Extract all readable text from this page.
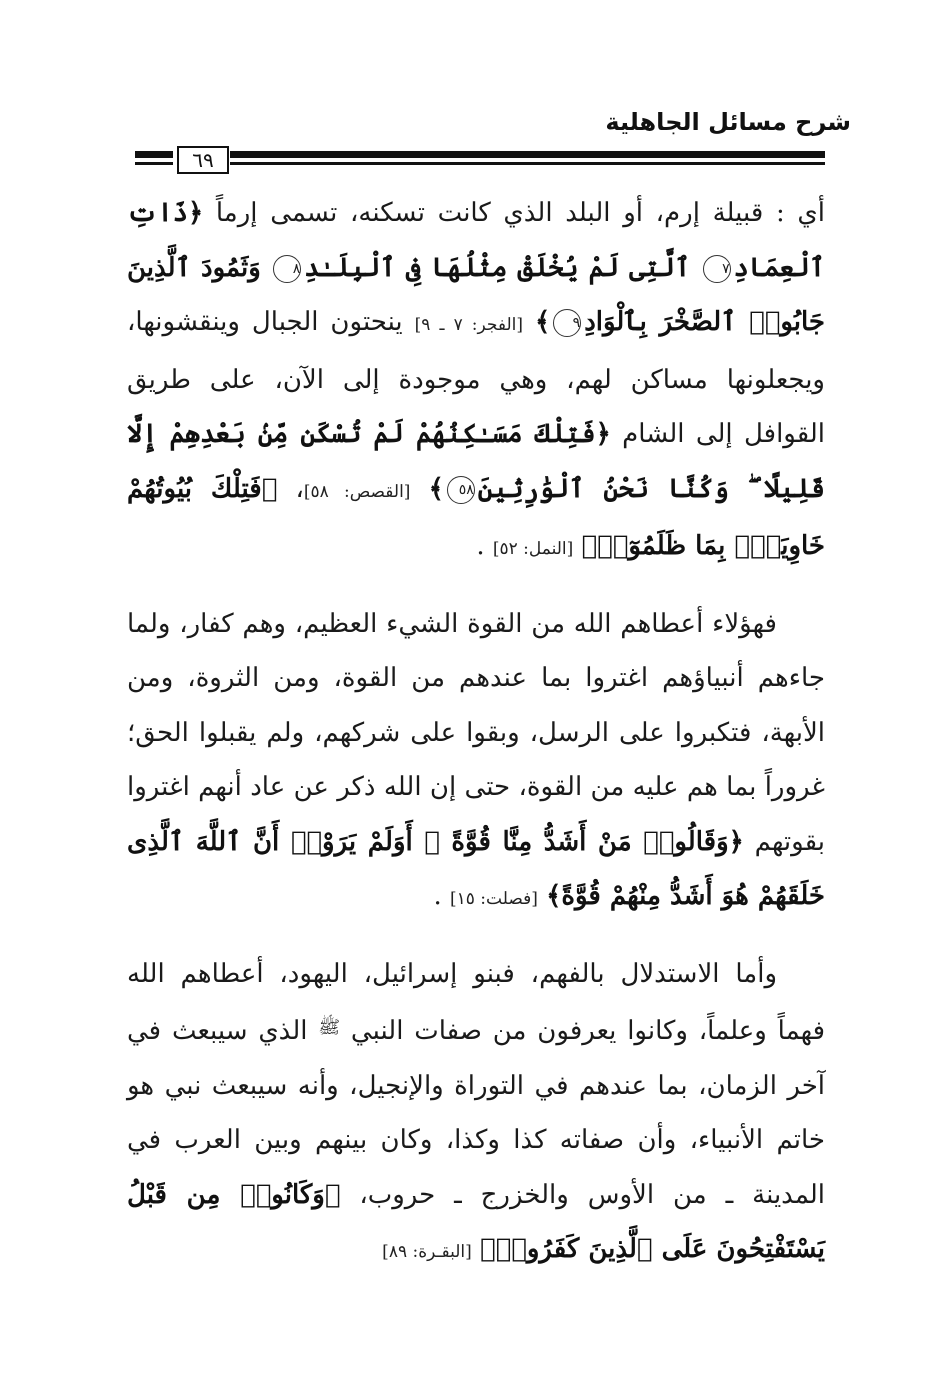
شرح مسائل الجاهلية
٦٩

أي : قبيلة إرم، أو البلد الذي كانت تسكنه، تسمى إرماً ﴿ذَاتِ ٱلْعِمَادِ٧ ٱلَّتِى لَمْ يُخْلَقْ مِثْلُهَا فِى ٱلْبِلَـٰدِ٨ وَثَمُودَ ٱلَّذِينَ جَابُوا۟ ٱلصَّخْرَ بِٱلْوَادِ٩﴾ [الفجر: ٧ ـ ٩] ينحتون الجبال وينقشونها، ويجعلونها مساكن لهم، وهي موجودة إلى الآن، على طريق القوافل إلى الشام ﴿فَتِلْكَ مَسَـٰكِنُهُمْ لَمْ تُسْكَن مِّنۢ بَعْدِهِمْ إِلَّا قَلِيلًا ۖ وَكُنَّا نَحْنُ ٱلْوَٰرِثِينَ٥٨﴾ [القصص: ٥٨]، ﴿فَتِلْكَ بُيُوتُهُمْ خَاوِيَةًۢ بِمَا ظَلَمُوٓا۟﴾ [النمل: ٥٢] .

فهؤلاء أعطاهم الله من القوة الشيء العظيم، وهم كفار، ولما جاءهم أنبياؤهم اغتروا بما عندهم من القوة، ومن الثروة، ومن الأبهة، فتكبروا على الرسل، وبقوا على شركهم، ولم يقبلوا الحق؛ غروراً بما هم عليه من القوة، حتى إن الله ذكر عن عاد أنهم اغتروا بقوتهم ﴿وَقَالُوا۟ مَنْ أَشَدُّ مِنَّا قُوَّةً ۖ أَوَلَمْ يَرَوْا۟ أَنَّ ٱللَّهَ ٱلَّذِى خَلَقَهُمْ هُوَ أَشَدُّ مِنْهُمْ قُوَّةً﴾ [فصلت: ١٥] .

وأما الاستدلال بالفهم، فبنو إسرائيل، اليهود، أعطاهم الله فهماً وعلماً، وكانوا يعرفون من صفات النبي $^ﷺ$ الذي سيبعث في آخر الزمان، بما عندهم في التوراة والإنجيل، وأنه سيبعث نبي هو خاتم الأنبياء، وأن صفاته كذا وكذا، وكان بينهم وبين العرب في المدينة ـ من الأوس والخزرج ـ حروب، ﴿وَكَانُوا۟ مِن قَبْلُ يَسْتَفْتِحُونَ عَلَى ٱلَّذِينَ كَفَرُوا۟﴾ [البقـرة: ٨٩]
